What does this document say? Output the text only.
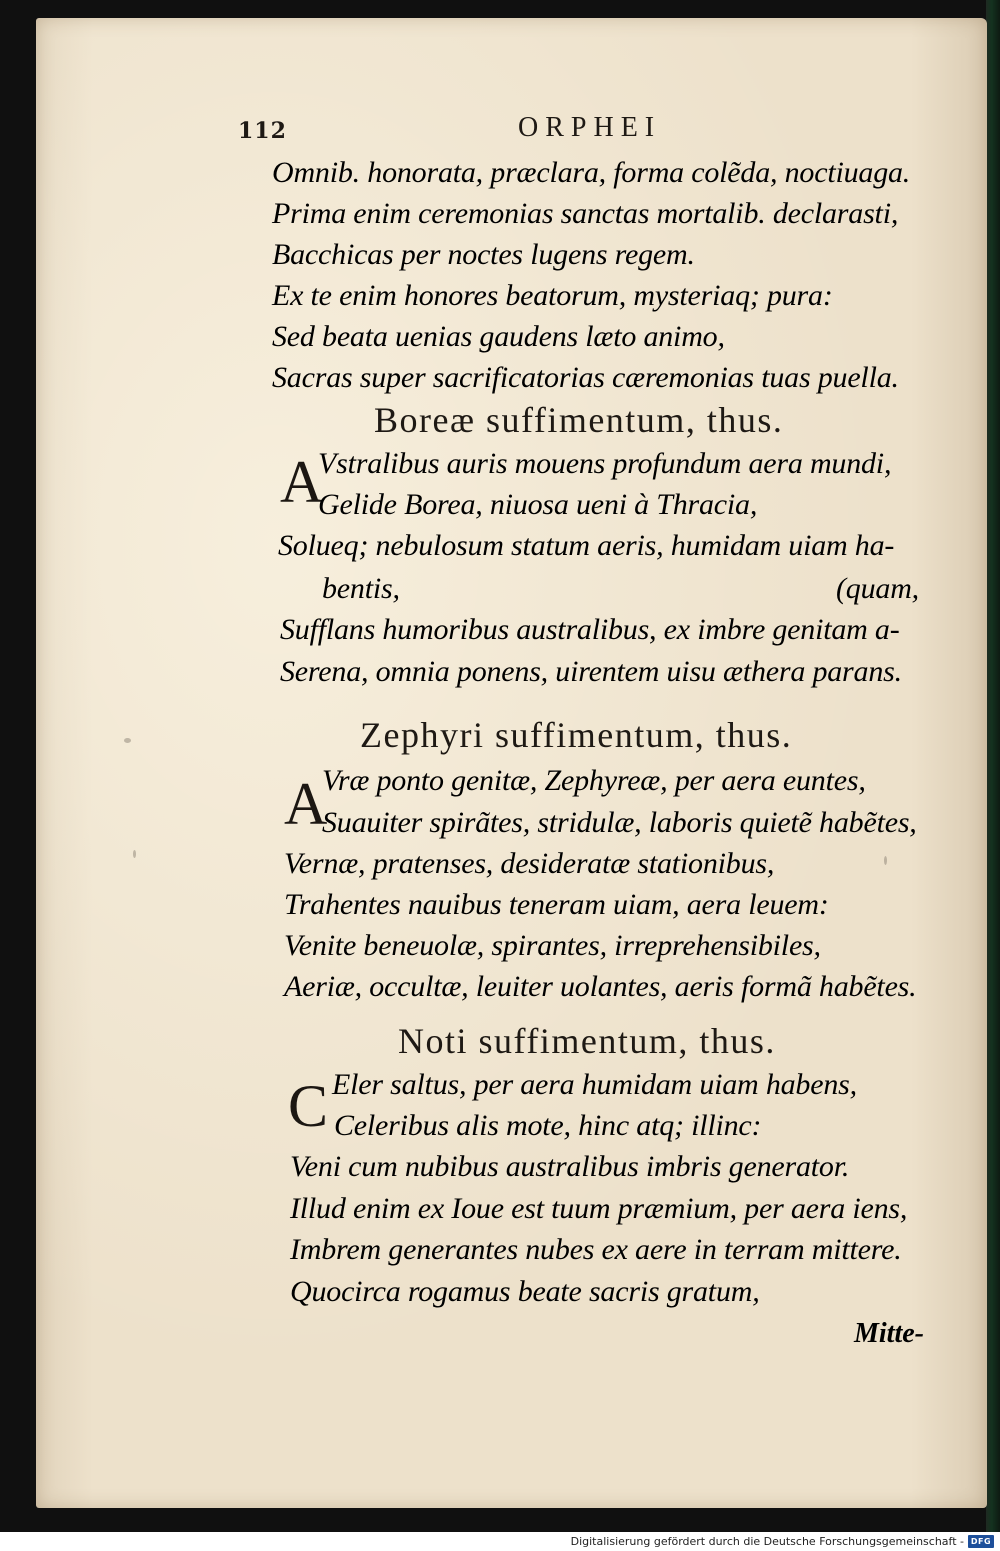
112	ORPHEI
Omnib. honorata, præclara, forma colẽda, noctiuaga.
Prima enim ceremonias sanctas mortalib. declarasti,
Bacchicas per noctes lugens regem.
Ex te enim honores beatorum, mysteriaq; pura:
Sed beata uenias gaudens læto animo,
Sacras super sacrificatorias cæremonias tuas puella.
Boreæ suffimentum, thus.
A
Vstralibus auris mouens profundum aera mundi,
Gelide Borea, niuosa ueni à Thracia,
Solueq; nebulosum statum aeris, humidam uiam ha-
bentis,	(quam,
Sufflans humoribus australibus, ex imbre genitam a-
Serena, omnia ponens, uirentem uisu æthera parans.
Zephyri suffimentum, thus.
A
Vræ ponto genitæ, Zephyreæ, per aera euntes,
Suauiter spirãtes, stridulæ, laboris quietẽ habẽtes,
Vernæ, pratenses, desideratæ stationibus,
Trahentes nauibus teneram uiam, aera leuem:
Venite beneuolæ, spirantes, irreprehensibiles,
Aeriæ, occultæ, leuiter uolantes, aeris formã habẽtes.
Noti suffimentum, thus.
C Eler saltus, per aera humidam uiam habens,
Celeribus alis mote, hinc atq; illinc:
Veni cum nubibus australibus imbris generator.
Illud enim ex Ioue est tuum præmium, per aera iens,
Imbrem generantes nubes ex aere in terram mittere.
Quocirca rogamus beate sacris gratum,
Mitte-
Digitalisierung gefördert durch die Deutsche Forschungsgemeinschaft - DFG
